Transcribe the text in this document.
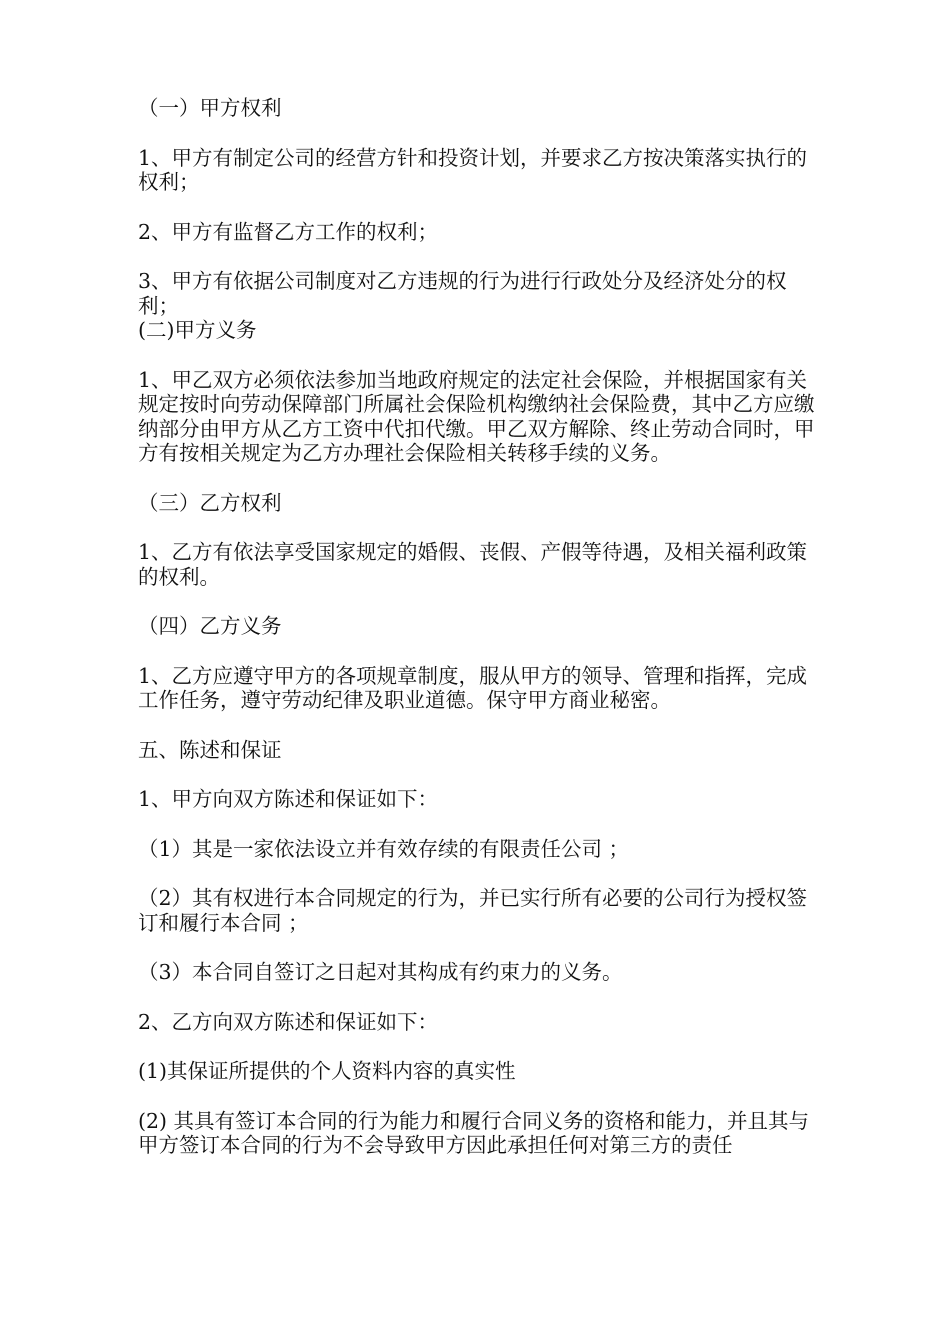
（一）甲方权利

1、甲方有制定公司的经营方针和投资计划，并要求乙方按决策落实执行的权利；

2、甲方有监督乙方工作的权利；

3、甲方有依据公司制度对乙方违规的行为进行行政处分及经济处分的权利；

(二)甲方义务

1、甲乙双方必须依法参加当地政府规定的法定社会保险，并根据国家有关规定按时向劳动保障部门所属社会保险机构缴纳社会保险费，其中乙方应缴纳部分由甲方从乙方工资中代扣代缴。甲乙双方解除、终止劳动合同时，甲方有按相关规定为乙方办理社会保险相关转移手续的义务。

（三）乙方权利

1、乙方有依法享受国家规定的婚假、丧假、产假等待遇，及相关福利政策的权利。

（四）乙方义务

1、乙方应遵守甲方的各项规章制度，服从甲方的领导、管理和指挥，完成工作任务，遵守劳动纪律及职业道德。保守甲方商业秘密。

五、陈述和保证

1、甲方向双方陈述和保证如下：

（1）其是一家依法设立并有效存续的有限责任公司 ；

（2）其有权进行本合同规定的行为，并已实行所有必要的公司行为授权签订和履行本合同 ；

（3）本合同自签订之日起对其构成有约束力的义务。

2、乙方向双方陈述和保证如下：

(1)其保证所提供的个人资料内容的真实性

(2) 其具有签订本合同的行为能力和履行合同义务的资格和能力，并且其与甲方签订本合同的行为不会导致甲方因此承担任何对第三方的责任
